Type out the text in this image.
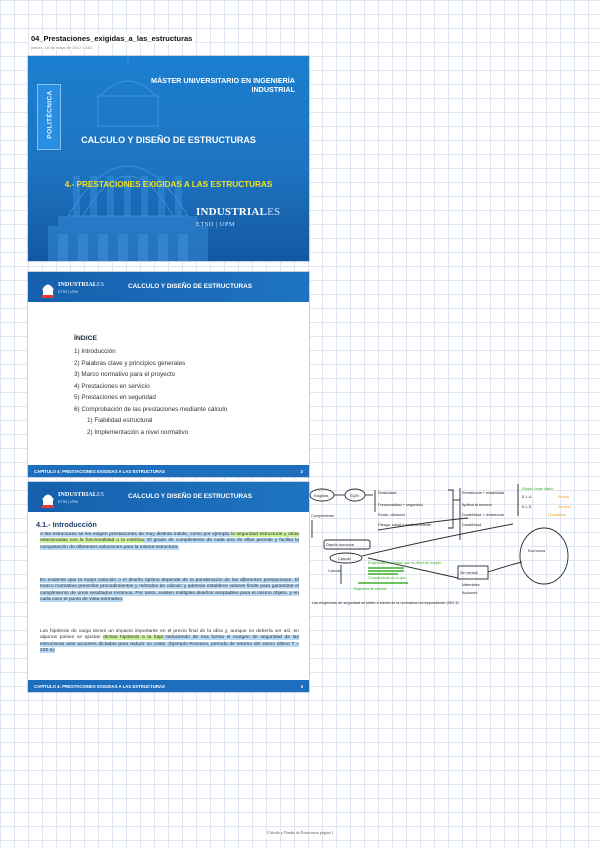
04_Prestaciones_exigidas_a_las_estructuras
jueves, 18 de mayo de 2017 13:51
POLITÉCNICA
MÁSTER UNIVERSITARIO EN INGENIERÍA INDUSTRIAL
CALCULO Y DISEÑO DE ESTRUCTURAS
4.- PRESTACIONES EXIGIDAS A LAS ESTRUCTURAS
INDUSTRIALES
ETSII | UPM
INDUSTRIALES
ETSII | UPM
CALCULO Y DISEÑO DE ESTRUCTURAS
ÍNDICE
1) Introducción
2) Palabras clave y principios generales
3) Marco normativo para el proyecto
4) Prestaciones en servicio
5) Prestaciones en seguridad
6) Comprobación de las prestaciones mediante cálculo
1) Fiabilidad estructural
2) Implementación a nivel normativo
CAPÍTULO 4: PRESTACIONES EXIGIDAS A LAS ESTRUCTURAS	2
INDUSTRIALES
ETSII | UPM
CALCULO Y DISEÑO DE ESTRUCTURAS
4.1.- Introducción
A las estructuras se les exigen prestaciones de muy distinta índole, como por ejemplo la seguridad estructural y otras relacionadas con la funcionalidad o la estética. El grado de cumplimiento de cada una de ellas permite y facilita la comparación de diferentes soluciones para la misma estructura.
Es evidente que la mejor solución o el diseño óptimo depende de la ponderación de las diferentes prestaciones. El marco normativo prescribe procedimientos y métodos de cálculo y además establece valores límite para garantizar el cumplimiento de unos resultados mínimos. Por tanto, existen múltiples diseños aceptables para el mismo objeto, y en cada caso el punto de vista normativo.
Las hipótesis de carga tienen un impacto importante en el precio final de la obra y, aunque no debería ser así, en algunos países se ajustan dichas hipótesis a la baja reduciendo de esa forma el margen de seguridad de las estructuras ante acciones dictadas para reducir su coste. (Ejemplo Romano, período de retorno del sismo último T = 225 a).
CAPÍTULO 4: PRESTACIONES EXIGIDAS A LAS ESTRUCTURAS	3
Exigidas	SQM
Elasticidad, ...
Funcionalidad + seguridad
Ruido, vibración
Riesgo, salud y medioambiente
Resistencia + estabilidad
Aptitud al servicio
Durabilidad + resistencia
Durabilidad
Cumplimiento
Diseño funcional
Cálculo
Sin vertido
Economía
Cálculo
Materiales
Acciones
Las exigencias de seguridad se piden a través de la normativa correspondiente (ISO 3)
Exigencias de pliegos que es difícil de cumplir
Cumplimiento en lo que...
Esquema de cálculo
Estado límite último
E.L.U.
E.L.S.
Rotura
Servicio
Durabilidad
Cálculo y Diseño de Estructuras página 1
